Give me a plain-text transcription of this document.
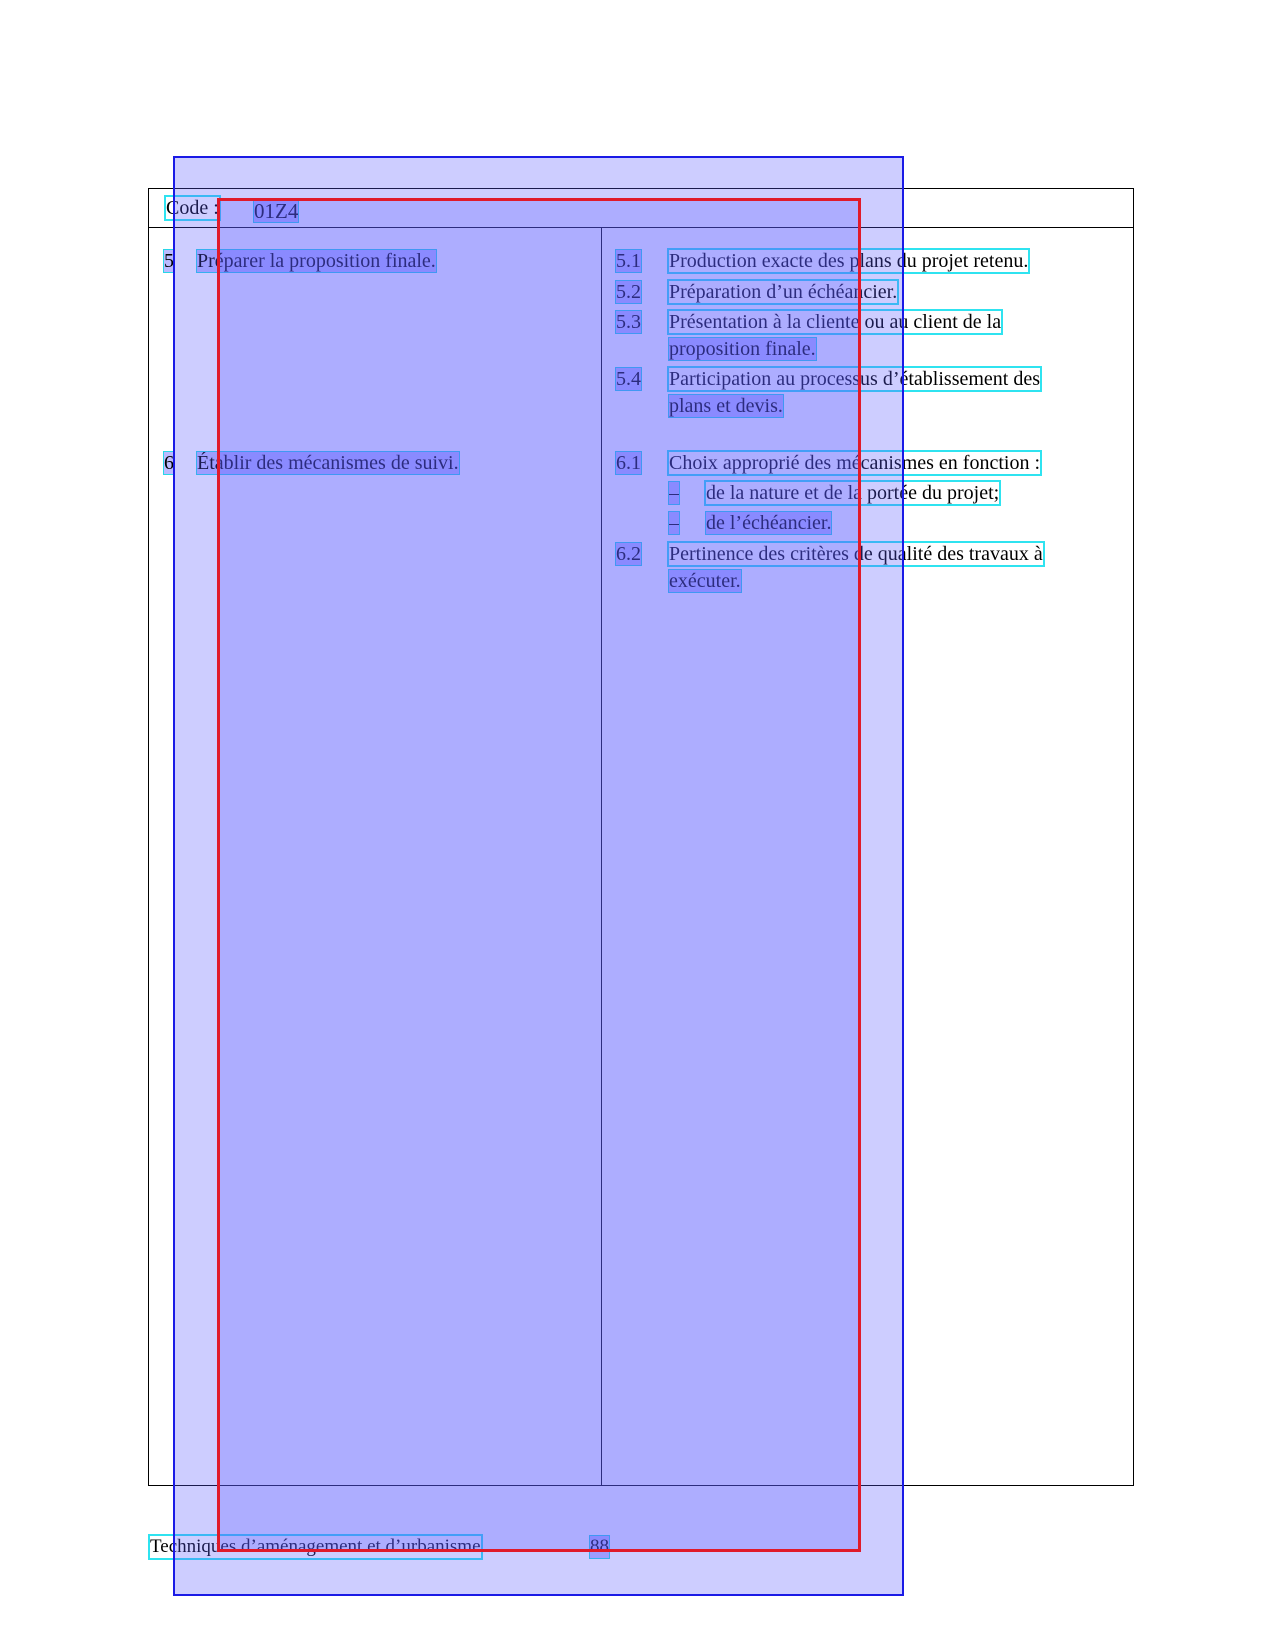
Code : 01Z4
5 Préparer la proposition finale.	5.1 Production exacte des plans du projet retenu.
5.2 Préparation d’un échéancier.
5.3 Présentation à la cliente ou au client de la
proposition finale.
5.4 Participation au processus d’établissement des
plans et devis.
6 Établir des mécanismes de suivi.	6.1 Choix approprié des mécanismes en fonction :
– de la nature et de la portée du projet;
– de l’échéancier.
6.2 Pertinence des critères de qualité des travaux à
exécuter.
Techniques d’aménagement et d’urbanisme	88
